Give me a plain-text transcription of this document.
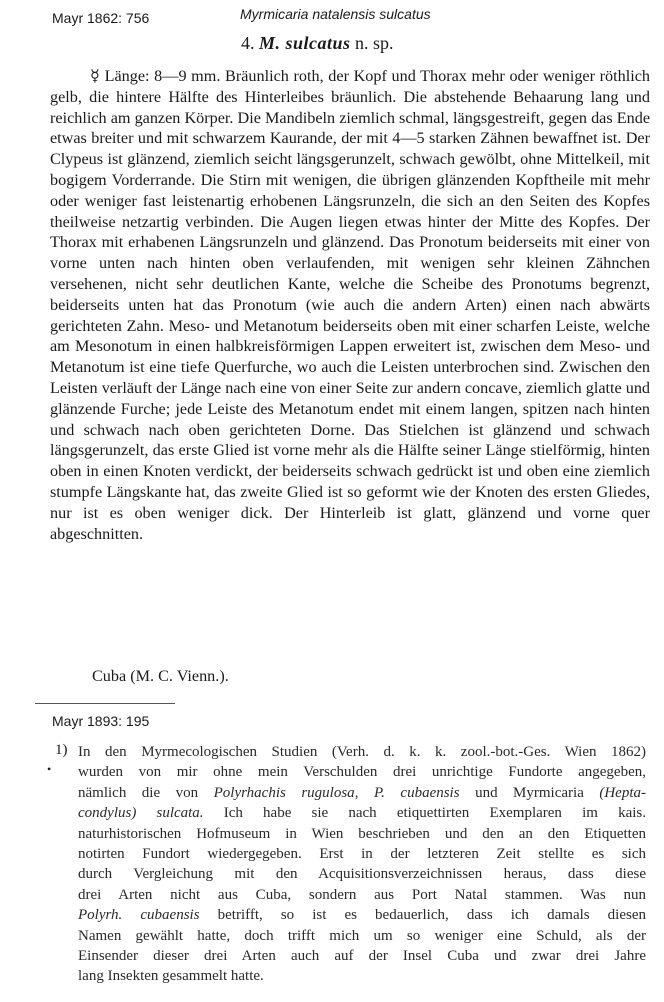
Mayr 1862: 756	Myrmicaria natalensis sulcatus
4. M. sulcatus n. sp.
☿ Länge: 8—9 mm. Bräunlich roth, der Kopf und Thorax mehr oder weniger röthlich gelb, die hintere Hälfte des Hinterleibes bräunlich. Die abstehende Behaarung lang und reichlich am ganzen Körper. Die Mandibeln ziemlich schmal, längsgestreift, gegen das Ende etwas breiter und mit schwarzem Kaurande, der mit 4—5 starken Zähnen bewaffnet ist. Der Clypeus ist glänzend, ziemlich seicht längsgerunzelt, schwach gewölbt, ohne Mittelkeil, mit bogigem Vorderrande. Die Stirn mit wenigen, die übrigen glänzenden Kopftheile mit mehr oder weniger fast leistenartig erhobenen Längsrunzeln, die sich an den Seiten des Kopfes theilweise netzartig verbinden. Die Augen liegen etwas hinter der Mitte des Kopfes. Der Thorax mit erhabenen Längsrunzeln und glänzend. Das Pronotum beiderseits mit einer von vorne unten nach hinten oben verlaufenden, mit wenigen sehr kleinen Zähnchen versehenen, nicht sehr deutlichen Kante, welche die Scheibe des Pronotums begrenzt, beiderseits unten hat das Pronotum (wie auch die andern Arten) einen nach abwärts gerichteten Zahn. Meso- und Metanotum beiderseits oben mit einer scharfen Leiste, welche am Mesonotum in einen halbkreisförmigen Lappen erweitert ist, zwischen dem Meso- und Metanotum ist eine tiefe Querfurche, wo auch die Leisten unterbrochen sind. Zwischen den Leisten verläuft der Länge nach eine von einer Seite zur andern concave, ziemlich glatte und glänzende Furche; jede Leiste des Metanotum endet mit einem langen, spitzen nach hinten und schwach nach oben gerichteten Dorne. Das Stielchen ist glänzend und schwach längsgerunzelt, das erste Glied ist vorne mehr als die Hälfte seiner Länge stielförmig, hinten oben in einen Knoten verdickt, der beiderseits schwach gedrückt ist und oben eine ziemlich stumpfe Längskante hat, das zweite Glied ist so geformt wie der Knoten des ersten Gliedes, nur ist es oben weniger dick. Der Hinterleib ist glatt, glänzend und vorne quer abgeschnitten.
Cuba (M. C. Vienn.).
Mayr 1893: 195
1)
•
In den Myrmecologischen Studien (Verh. d. k. k. zool.-bot.-Ges. Wien 1862)
wurden von mir ohne mein Verschulden drei unrichtige Fundorte angegeben,
nämlich die von Polyrhachis rugulosa, P. cubaensis und Myrmicaria (Hepta-
condylus) sulcata. Ich habe sie nach etiquettirten Exemplaren im kais.
naturhistorischen Hofmuseum in Wien beschrieben und den an den Etiquetten
notirten Fundort wiedergegeben. Erst in der letzteren Zeit stellte es sich
durch Vergleichung mit den Acquisitionsverzeichnissen heraus, dass diese
drei Arten nicht aus Cuba, sondern aus Port Natal stammen. Was nun
Polyrh. cubaensis betrifft, so ist es bedauerlich, dass ich damals diesen
Namen gewählt hatte, doch trifft mich um so weniger eine Schuld, als der
Einsender dieser drei Arten auch auf der Insel Cuba und zwar drei Jahre
lang Insekten gesammelt hatte.
